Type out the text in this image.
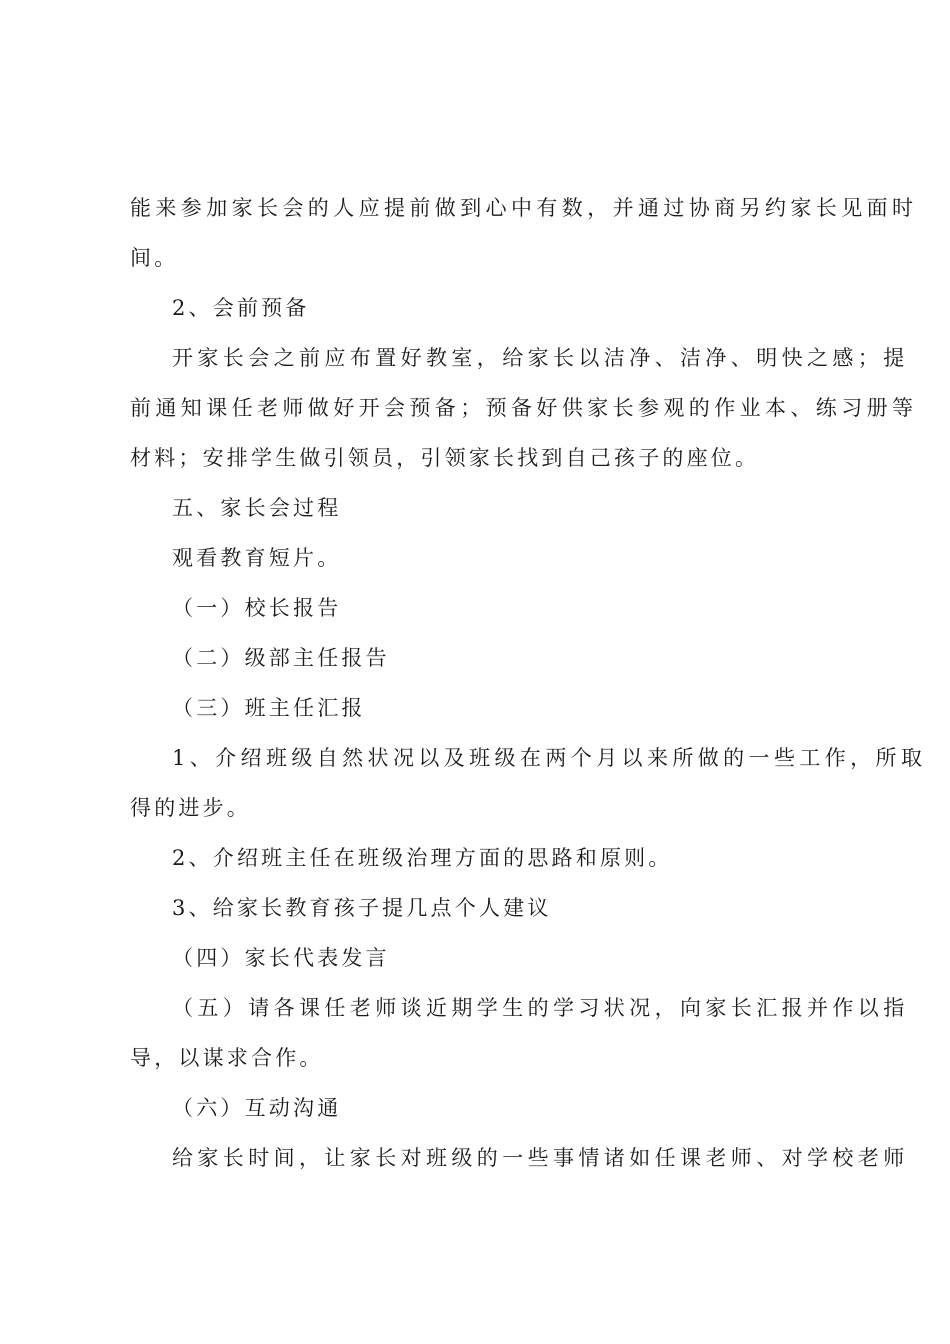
能来参加家长会的人应提前做到心中有数，并通过协商另约家长见面时
间。
2、会前预备
开家长会之前应布置好教室，给家长以洁净、洁净、明快之感；提
前通知课任老师做好开会预备；预备好供家长参观的作业本、练习册等
材料；安排学生做引领员，引领家长找到自己孩子的座位。
五、家长会过程
观看教育短片。
（一）校长报告
（二）级部主任报告
（三）班主任汇报
1、介绍班级自然状况以及班级在两个月以来所做的一些工作，所取
得的进步。
2、介绍班主任在班级治理方面的思路和原则。
3、给家长教育孩子提几点个人建议
（四）家长代表发言
（五）请各课任老师谈近期学生的学习状况，向家长汇报并作以指
导，以谋求合作。
（六）互动沟通
给家长时间，让家长对班级的一些事情诸如任课老师、对学校老师
